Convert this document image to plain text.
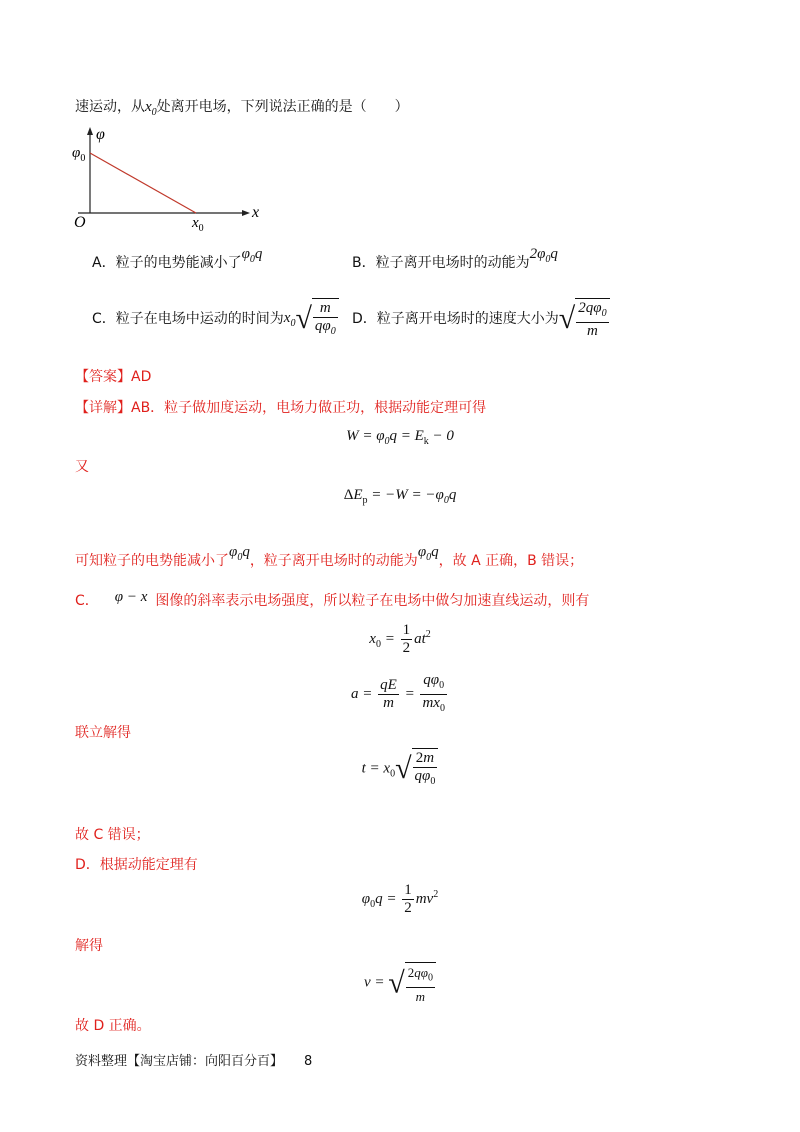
速运动，从$x_0$处离开电场，下列说法正确的是（　　）
φ
x
O
$\varphi_0$
$x_0$
A．粒子的电势能减小了$\varphi_0q$
B．粒子离开电场时的动能为$2\varphi_0q$
C．粒子在电场中运动的时间为$x_0√ \frac{m}{q\varphi_0}$ D．粒子离开电场时的速度大小为√ $\frac{2q\varphi_0}{m}$
【答案】AD
【详解】AB．粒子做加度运动，电场力做正功，根据动能定理可得
$W = \varphi_0q = E_k - 0$
又
$\Delta E_p = -W = -\varphi_0q$
可知粒子的电势能减小了$\varphi_0q$，粒子离开电场时的动能为$\varphi_0q$，故 A 正确，B 错误；
C． φ − x 图像的斜率表示电场强度，所以粒子在电场中做匀加速直线运动，则有
$x_0 = \frac{1}{2} at^2$
$a = \frac{qE}{m} = \frac{q\varphi_0}{mx_0}$
联立解得
$t = x_0√ \frac{2m}{q\varphi_0}$
故 C 错误；
D．根据动能定理有
$\varphi_0q = \frac{1}{2} mv^2$
解得
v = √ $\frac{2q\varphi_0}{m}$
故 D 正确。
资料整理【淘宝店铺：向阳百分百】 8
